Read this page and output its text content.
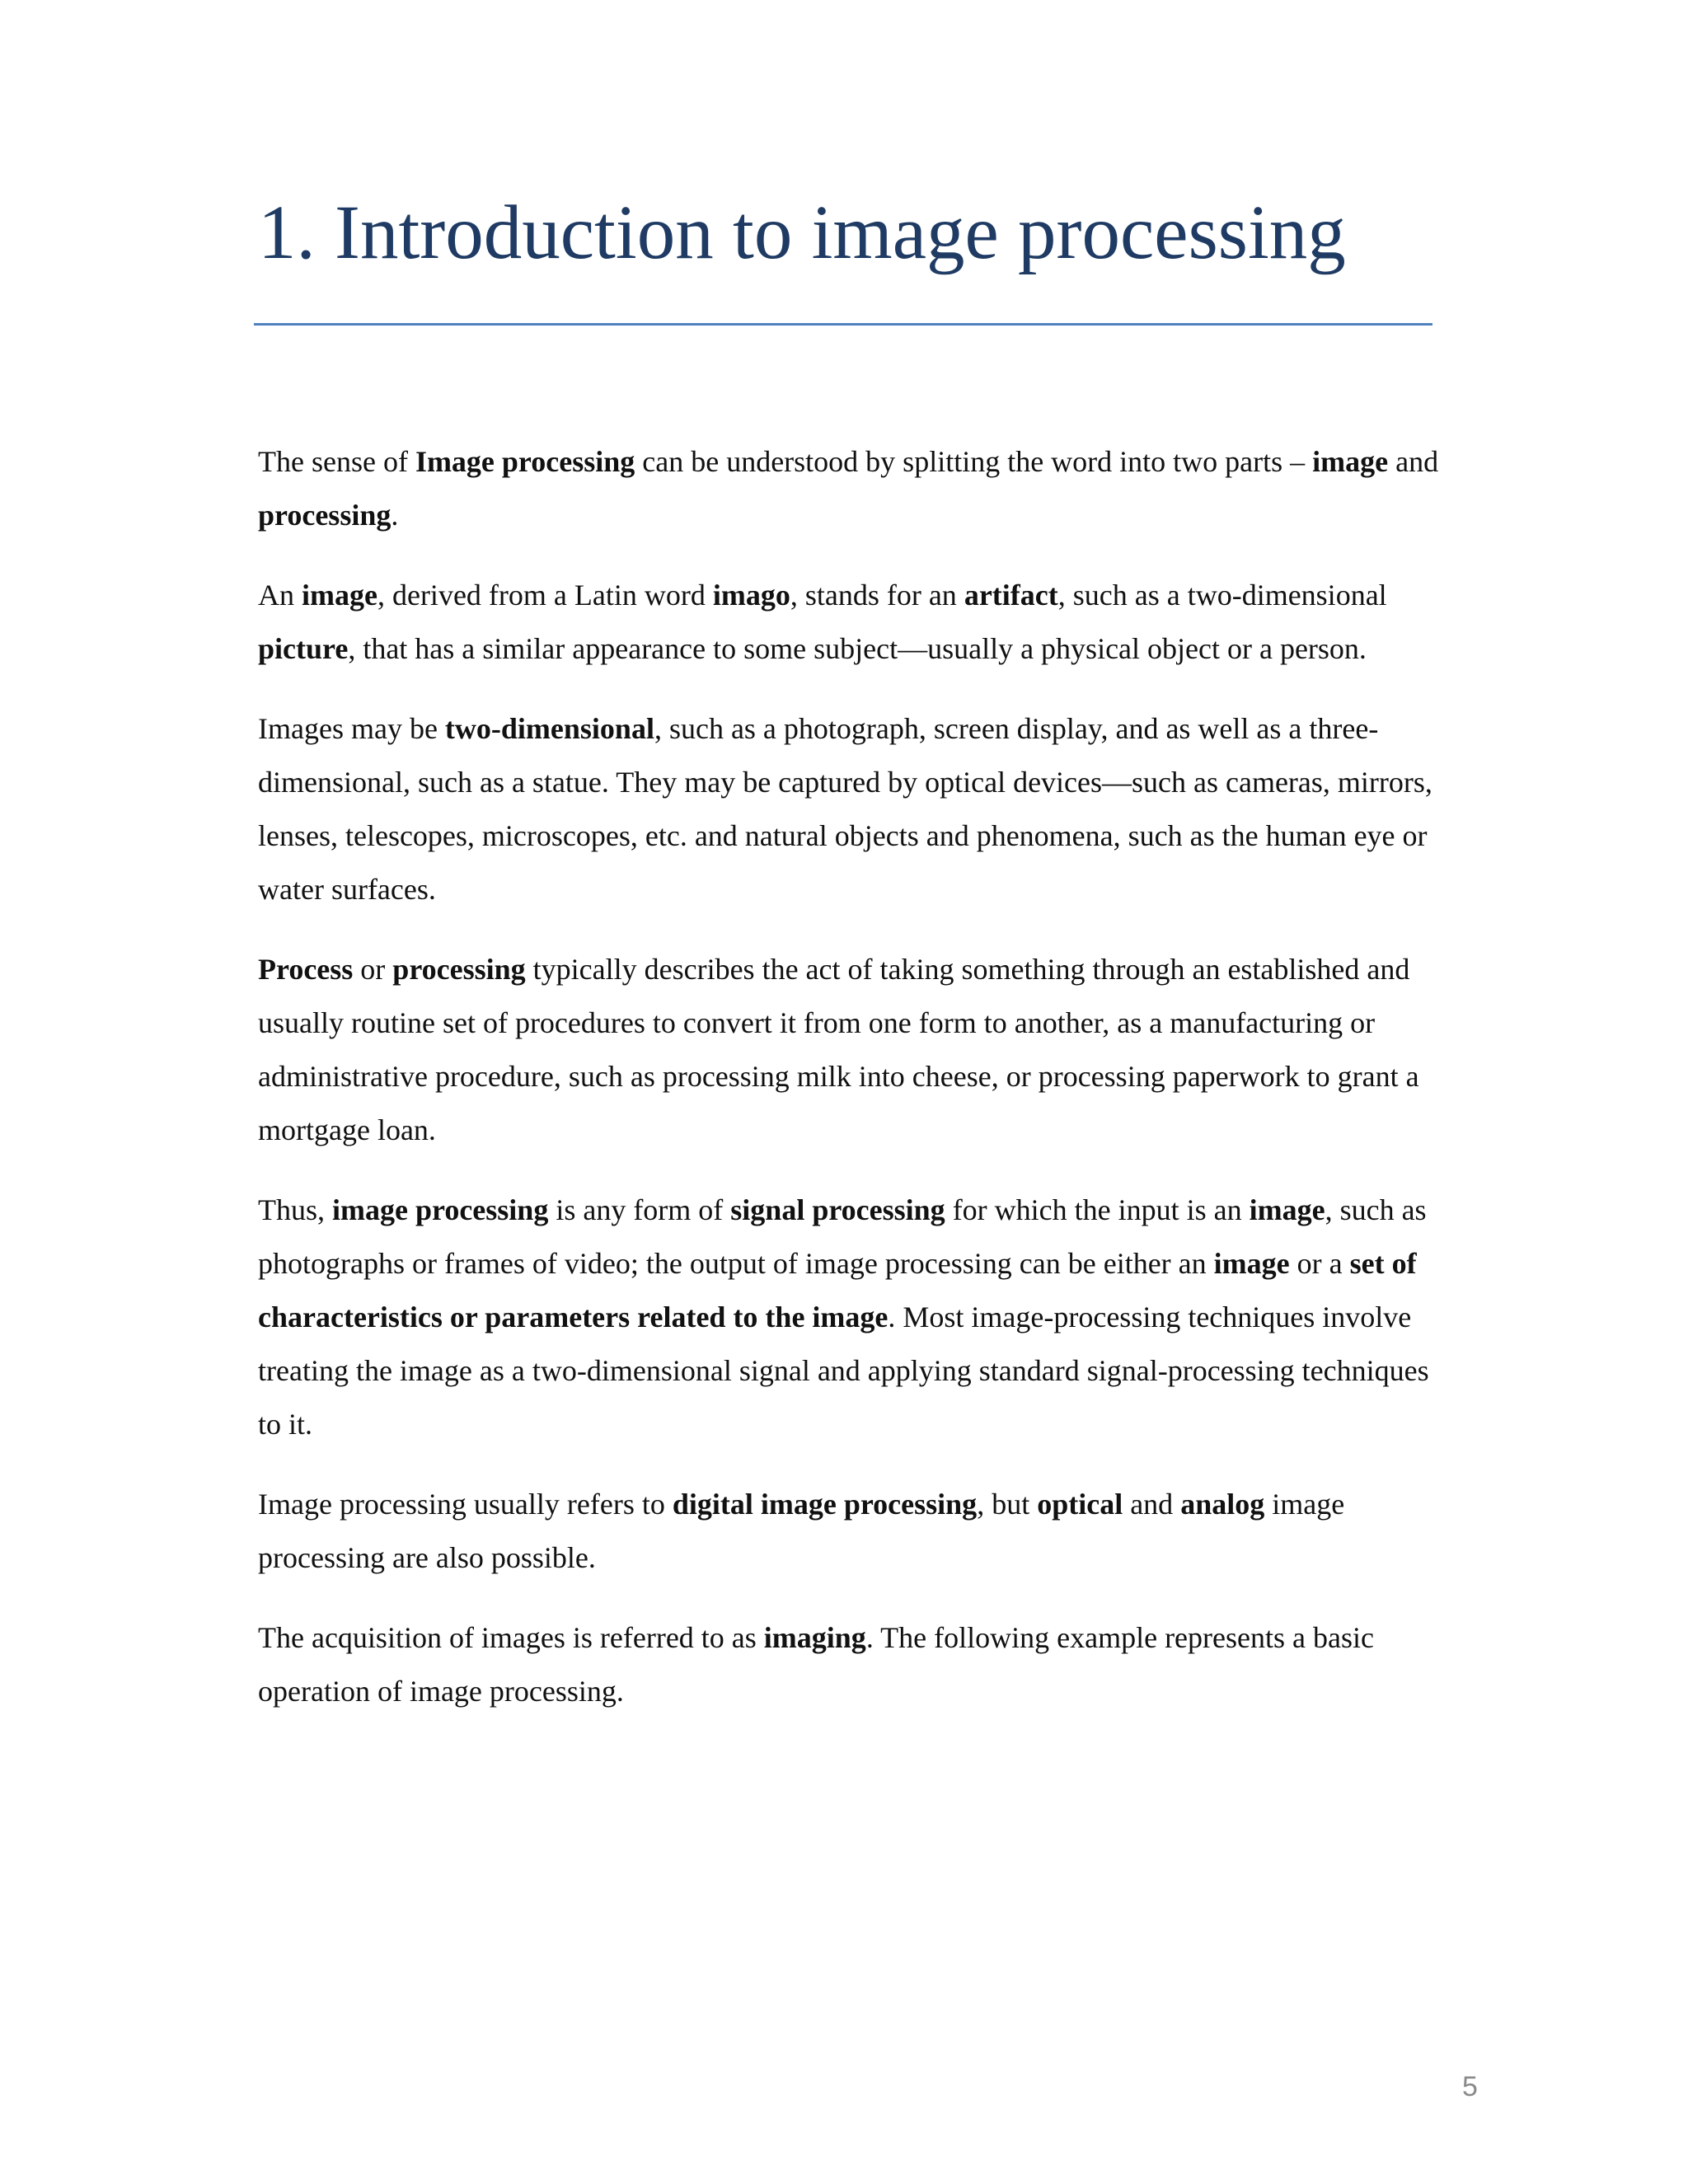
1. Introduction to image processing

The sense of Image processing can be understood by splitting the word into two parts – image and processing.

An image, derived from a Latin word imago, stands for an artifact, such as a two-dimensional picture, that has a similar appearance to some subject—usually a physical object or a person.

Images may be two-dimensional, such as a photograph, screen display, and as well as a three-dimensional, such as a statue. They may be captured by optical devices—such as cameras, mirrors, lenses, telescopes, microscopes, etc. and natural objects and phenomena, such as the human eye or water surfaces.

Process or processing typically describes the act of taking something through an established and usually routine set of procedures to convert it from one form to another, as a manufacturing or administrative procedure, such as processing milk into cheese, or processing paperwork to grant a mortgage loan.

Thus, image processing is any form of signal processing for which the input is an image, such as photographs or frames of video; the output of image processing can be either an image or a set of characteristics or parameters related to the image. Most image-processing techniques involve treating the image as a two-dimensional signal and applying standard signal-processing techniques to it.

Image processing usually refers to digital image processing, but optical and analog image processing are also possible.

The acquisition of images is referred to as imaging. The following example represents a basic operation of image processing.

5
